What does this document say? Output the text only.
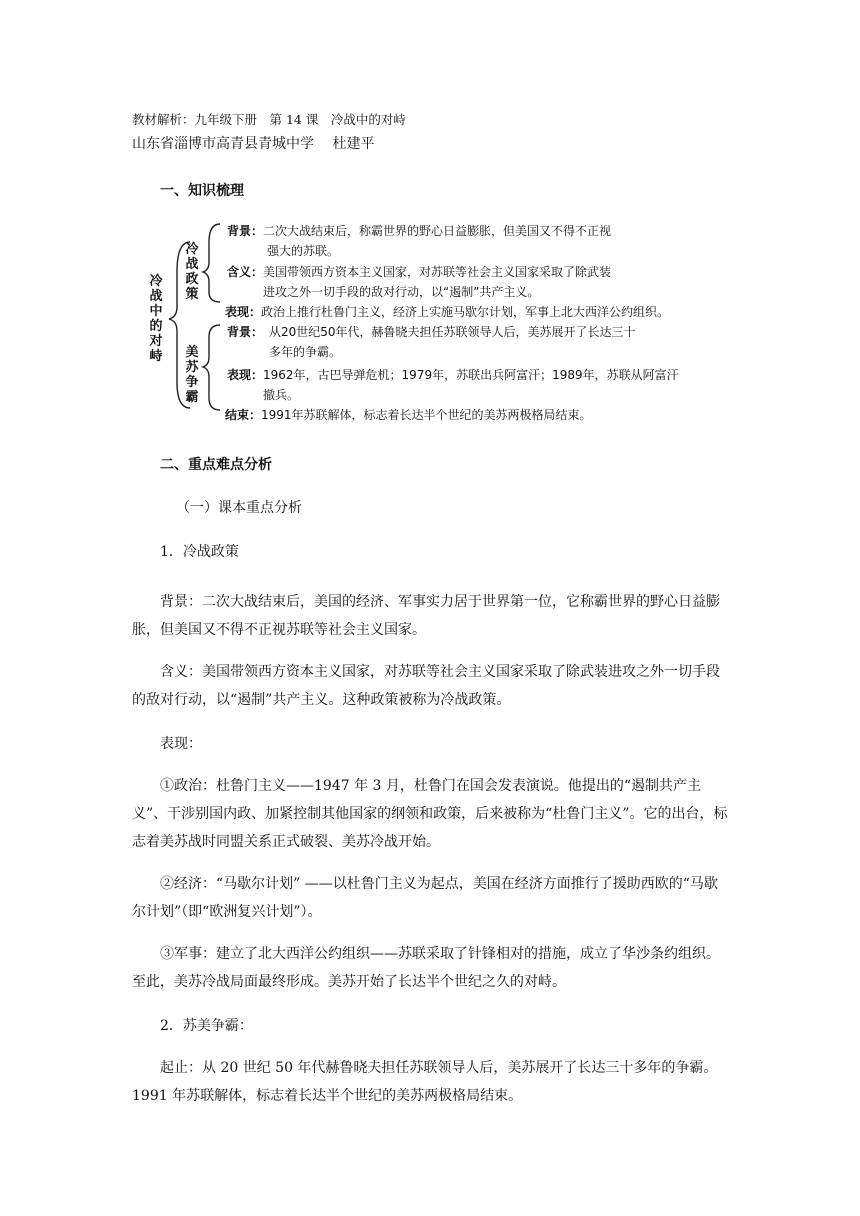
教材解析：九年级下册　第 14 课　冷战中的对峙
山东省淄博市高青县青城中学　 杜建平
一、知识梳理
冷战中的对峙
冷战政策
美苏争霸
背景： 二次大战结束后，称霸世界的野心日益膨胀，但美国又不得不正视
强大的苏联。
含义： 美国带领西方资本主义国家，对苏联等社会主义国家采取了除武装
进攻之外一切手段的敌对行动，以“遏制”共产主义。
表现： 政治上推行杜鲁门主义，经济上实施马歇尔计划，军事上北大西洋公约组织。
背景： 从20世纪50年代，赫鲁晓夫担任苏联领导人后，美苏展开了长达三十
多年的争霸。
表现： 1962年，古巴导弹危机；1979年，苏联出兵阿富汗；1989年，苏联从阿富汗
撤兵。
结束： 1991年苏联解体，标志着长达半个世纪的美苏两极格局结束。
二、重点难点分析
（一）课本重点分析
1．冷战政策
背景：二次大战结束后，美国的经济、军事实力居于世界第一位，它称霸世界的野心日益膨胀，但美国又不得不正视苏联等社会主义国家。
含义：美国带领西方资本主义国家，对苏联等社会主义国家采取了除武装进攻之外一切手段的敌对行动，以“遏制”共产主义。这种政策被称为冷战政策。
表现：
①政治：杜鲁门主义——1947 年 3 月，杜鲁门在国会发表演说。他提出的“遏制共产主义”、干涉别国内政、加紧控制其他国家的纲领和政策，后来被称为“杜鲁门主义”。它的出台，标志着美苏战时同盟关系正式破裂、美苏冷战开始。
②经济：“马歇尔计划” ——以杜鲁门主义为起点，美国在经济方面推行了援助西欧的“马歇尔计划”（即“欧洲复兴计划”）。
③军事：建立了北大西洋公约组织——苏联采取了针锋相对的措施，成立了华沙条约组织。至此，美苏冷战局面最终形成。美苏开始了长达半个世纪之久的对峙。
2．苏美争霸：
起止：从 20 世纪 50 年代赫鲁晓夫担任苏联领导人后，美苏展开了长达三十多年的争霸。1991 年苏联解体，标志着长达半个世纪的美苏两极格局结束。
